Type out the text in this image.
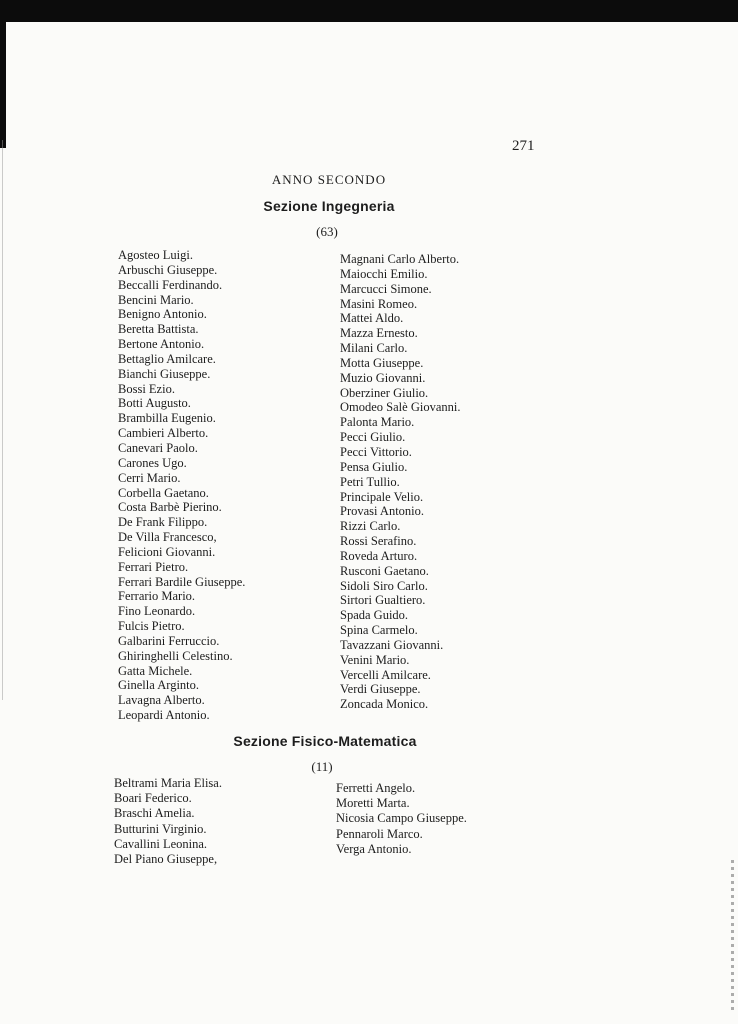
271
ANNO SECONDO
Sezione Ingegneria
(63)
Agosteo Luigi.
Arbuschi Giuseppe.
Beccalli Ferdinando.
Bencini Mario.
Benigno Antonio.
Beretta Battista.
Bertone Antonio.
Bettaglio Amilcare.
Bianchi Giuseppe.
Bossi Ezio.
Botti Augusto.
Brambilla Eugenio.
Cambieri Alberto.
Canevari Paolo.
Carones Ugo.
Cerri Mario.
Corbella Gaetano.
Costa Barbè Pierino.
De Frank Filippo.
De Villa Francesco,
Felicioni Giovanni.
Ferrari Pietro.
Ferrari Bardile Giuseppe.
Ferrario Mario.
Fino Leonardo.
Fulcis Pietro.
Galbarini Ferruccio.
Ghiringhelli Celestino.
Gatta Michele.
Ginella Arginto.
Lavagna Alberto.
Leopardi Antonio.
Magnani Carlo Alberto.
Maiocchi Emilio.
Marcucci Simone.
Masini Romeo.
Mattei Aldo.
Mazza Ernesto.
Milani Carlo.
Motta Giuseppe.
Muzio Giovanni.
Oberziner Giulio.
Omodeo Salè Giovanni.
Palonta Mario.
Pecci Giulio.
Pecci Vittorio.
Pensa Giulio.
Petri Tullio.
Principale Velio.
Provasi Antonio.
Rizzi Carlo.
Rossi Serafino.
Roveda Arturo.
Rusconi Gaetano.
Sidoli Siro Carlo.
Sirtori Gualtiero.
Spada Guido.
Spina Carmelo.
Tavazzani Giovanni.
Venini Mario.
Vercelli Amilcare.
Verdi Giuseppe.
Zoncada Monico.
Sezione Fisico-Matematica
(11)
Beltrami Maria Elisa.
Boari Federico.
Braschi Amelia.
Butturini Virginio.
Cavallini Leonina.
Del Piano Giuseppe,
Ferretti Angelo.
Moretti Marta.
Nicosia Campo Giuseppe.
Pennaroli Marco.
Verga Antonio.
